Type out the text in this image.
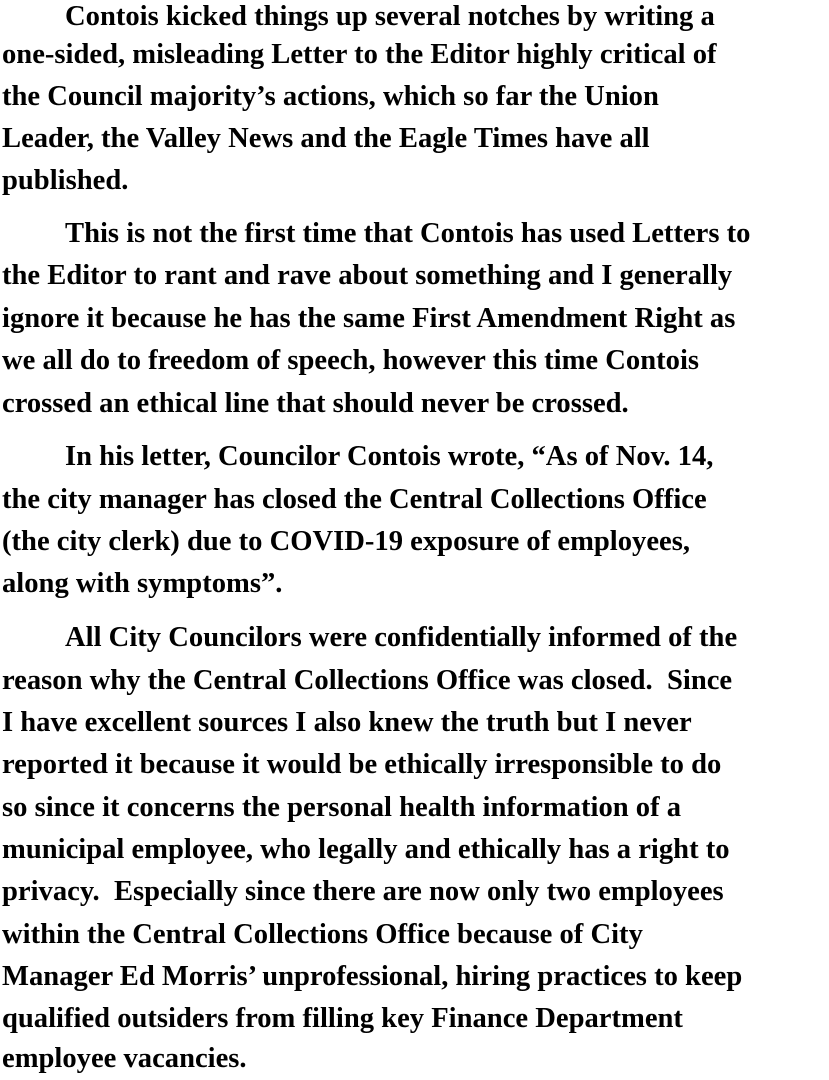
Contois kicked things up several notches by writing a
one-sided, misleading Letter to the Editor highly critical of
the Council majority’s actions, which so far the Union
Leader, the Valley News and the Eagle Times have all
published.
This is not the first time that Contois has used Letters to
the Editor to rant and rave about something and I generally
ignore it because he has the same First Amendment Right as
we all do to freedom of speech, however this time Contois
crossed an ethical line that should never be crossed.
In his letter, Councilor Contois wrote, “As of Nov. 14,
the city manager has closed the Central Collections Office
(the city clerk) due to COVID-19 exposure of employees,
along with symptoms”.
All City Councilors were confidentially informed of the
reason why the Central Collections Office was closed.  Since
I have excellent sources I also knew the truth but I never
reported it because it would be ethically irresponsible to do
so since it concerns the personal health information of a
municipal employee, who legally and ethically has a right to
privacy.  Especially since there are now only two employees
within the Central Collections Office because of City
Manager Ed Morris’ unprofessional, hiring practices to keep
qualified outsiders from filling key Finance Department
employee vacancies.
